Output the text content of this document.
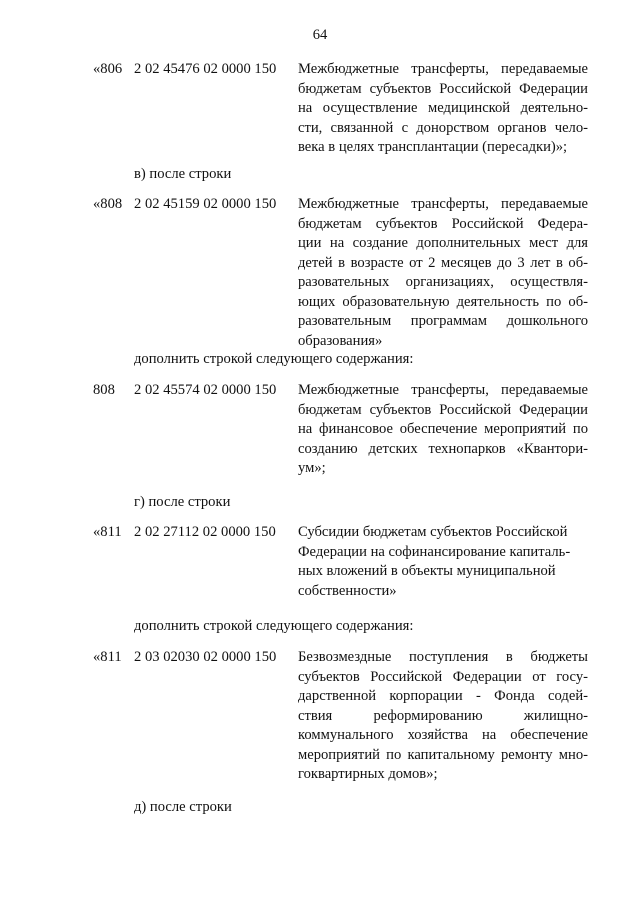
64
«806 2 02 45476 02 0000 150 Межбюджетные трансферты, передаваемые
бюджетам субъектов Российской Федерации
на осуществление медицинской деятельно-
сти, связанной с донорством органов чело-
века в целях трансплантации (пересадки)»;
в) после строки
«808 2 02 45159 02 0000 150 Межбюджетные трансферты, передаваемые
бюджетам субъектов Российской Федера-
ции на создание дополнительных мест для
детей в возрасте от 2 месяцев до 3 лет в об-
разовательных организациях, осуществля-
ющих образовательную деятельность по об-
разовательным программам дошкольного
образования»
дополнить строкой следующего содержания:
808 2 02 45574 02 0000 150 Межбюджетные трансферты, передаваемые
бюджетам субъектов Российской Федерации
на финансовое обеспечение мероприятий по
созданию детских технопарков «Квантори-
ум»;
г) после строки
«811 2 02 27112 02 0000 150 Субсидии бюджетам субъектов Российской
Федерации на софинансирование капиталь-
ных вложений в объекты муниципальной
собственности»
дополнить строкой следующего содержания:
«811 2 03 02030 02 0000 150 Безвозмездные поступления в бюджеты
субъектов Российской Федерации от госу-
дарственной корпорации - Фонда содей-
ствия реформированию жилищно-
коммунального хозяйства на обеспечение
мероприятий по капитальному ремонту мно-
гоквартирных домов»;
д) после строки
